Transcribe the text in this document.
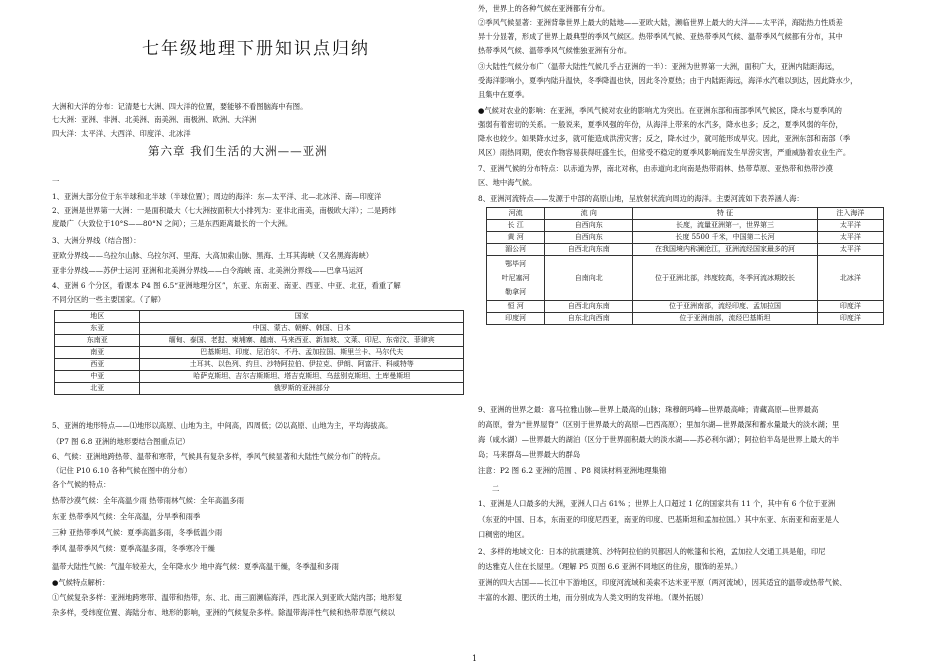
七年级地理下册知识点归纳
大洲和大洋的分布：记清楚七大洲、四大洋的位置，要能够不看图脑海中有图。
七大洲：亚洲、非洲、北美洲、南美洲、南极洲、欧洲、大洋洲
四大洋：太平洋、大西洋、印度洋、北冰洋
第六章 我们生活的大洲——亚洲
一
1、亚洲大部分位于东半球和北半球（半球位置）；周边的海洋：东—太平洋、北—北冰洋、南—印度洋
2、亚洲是世界第一大洲：一是面积最大（七大洲按面积大小排列为：亚非北南美，南极欧大洋）；二是跨纬
度最广（大致位于10°S——80°N 之间）；三是东西距离最长的一个大洲。
3、大洲分界线（结合图）：
亚欧分界线——乌拉尔山脉、乌拉尔河、里海、大高加索山脉、黑海、土耳其海峡（又名黑海海峡）
亚非分界线——苏伊士运河 亚洲和北美洲分界线——白令海峡 南、北美洲分界线——巴拿马运河
4、亚洲 6 个分区，看课本 P4 图 6.5“亚洲地理分区”，东亚、东南亚、南亚、西亚、中亚、北亚，看重了解
不同分区的一些主要国家。（了解）
地区	国家
东亚	中国、蒙古、朝鲜、韩国、日本
东南亚	缅甸、泰国、老挝、柬埔寨、越南、马来西亚、新加坡、文莱、印尼、东帝汶、菲律宾
南亚	巴基斯坦、印度、尼泊尔、不丹、孟加拉国、斯里兰卡、马尔代夫
西亚	土耳其、以色列、约旦、沙特阿拉伯、伊拉克、伊朗、阿富汗、科威特等
中亚	哈萨克斯坦、吉尔吉斯斯坦、塔吉克斯坦、乌兹别克斯坦、土库曼斯坦
北亚	俄罗斯的亚洲部分
5、亚洲的地形特点——⑴地形以高原、山地为主，中间高，四周低；⑵以高原、山地为主，平均海拔高。
（P7 图 6.8 亚洲的地形要结合图重点记）
6、气候：亚洲地跨热带、温带和寒带，气候具有复杂多样，季风气候显著和大陆性气候分布广的特点。
（记住 P10 6.10 各种气候在图中的分布）
各个气候的特点：
热带沙漠气候：全年高温少雨 热带雨林气候：全年高温多雨
东亚 热带季风气候：全年高温，分旱季和雨季
三种 亚热带季风气候：夏季高温多雨，冬季低温少雨
季风 温带季风气候：夏季高温多雨，冬季寒冷干燥
温带大陆性气候：气温年较差大，全年降水少 地中海气候：夏季高温干燥，冬季温和多雨
●气候特点解析：
①气候复杂多样：亚洲地跨寒带、温带和热带，东、北、南三面濒临海洋，西北深入到亚欧大陆内部；地形复
杂多样，受纬度位置、海陆分布、地形的影响，亚洲的气候复杂多样。除温带海洋性气候和热带草原气候以
外，世界上的各种气候在亚洲都有分布。
②季风气候显著：亚洲背靠世界上最大的陆地——亚欧大陆，濒临世界上最大的大洋——太平洋，海陆热力性质差
异十分显著，形成了世界上最典型的季风气候区。热带季风气候、亚热带季风气候、温带季风气候都有分布，其中
热带季风气候、温带季风气候惟独亚洲有分布。
③大陆性气候分布广（温带大陆性气候几乎占亚洲的一半）：亚洲为世界第一大洲，面积广大，亚洲内陆距海远，
受海洋影响小，夏季内陆升温快，冬季降温也快，因此冬冷夏热；由于内陆距海远，海洋水汽难以到达，因此降水少，
且集中在夏季。
●气候对农业的影响：在亚洲，季风气候对农业的影响尤为突出。在亚洲东部和南部季风气候区，降水与夏季风的
强弱有着密切的关系。一般说来，夏季风强的年份，从海洋上带来的水汽多，降水也多；反之，夏季风弱的年份，
降水也较少。如果降水过多，就可能造成洪涝灾害；反之，降水过少，就可能形成旱灾。因此，亚洲东部和南部（季
风区）雨热同期，使农作物容易获得旺盛生长，但常受不稳定的夏季风影响而发生旱涝灾害，严重威胁着农业生产。
7、亚洲气候的分布特点：以赤道为界，南北对称，由赤道向北向南是热带雨林、热带草原、亚热带和热带沙漠
区、地中海气候。
8、亚洲河流特点——发源于中部的高原山地，呈放射状流向周边的海洋。主要河流如下表养涵人海：
河流	流 向	特 征	注入海洋
长 江	自西向东	长度，流量亚洲第一，世界第三	太平洋
黄 河	自西向东	长度 5500 千米，中国第二长河	太平洋
湄公河	自西北向东南	在我国境内称澜沧江，亚洲流经国家最多的河	太平洋
鄂毕河
叶尼塞河
勒拿河	自南向北	位于亚洲北部，纬度较高，冬季河流冰期较长	北冰洋
恒 河	自西北向东南	位于亚洲南部，流经印度、孟加拉国	印度洋
印度河	自东北向西南	位于亚洲南部，流经巴基斯坦	印度洋
9、亚洲的世界之最：喜马拉雅山脉—世界上最高的山脉；珠穆朗玛峰—世界最高峰；青藏高原—世界最高
的高原，誉为“世界屋脊”（区别于世界最大的高原—巴西高原）；里加尔湖—世界最深和蓄水量最大的淡水湖；里
海（咸水湖）—世界最大的湖泊（区分于世界面积最大的淡水湖——苏必利尔湖）；阿拉伯半岛是世界上最大的半
岛；马来群岛—世界最大的群岛
注意：P2 图 6.2 亚洲的范围 、P8 阅读材料亚洲地理集锦
二
1、亚洲是人口最多的大洲，亚洲人口占 61% ；世界上人口超过 1 亿的国家共有 11 个，其中有 6 个位于亚洲
（东亚的中国、日本，东南亚的印度尼西亚，南亚的印度、巴基斯坦和孟加拉国。）其中东亚、东南亚和南亚是人
口稠密的地区。
2、多样的地域文化：日本的抗震建筑、沙特阿拉伯的贝都因人的帐篷和长袍，孟加拉人交通工具是船，印尼
的达雅克人住在长屋里。（理解 P5 页图 6.6 亚洲不同地区的住房，服饰的差异。）
亚洲的四大古国——长江中下游地区，印度河流域和美索不达米亚平原（两河流域），因其适宜的温带或热带气候、
丰富的水源、肥沃的土地，而分别成为人类文明的发祥地。（课外拓展）
1
